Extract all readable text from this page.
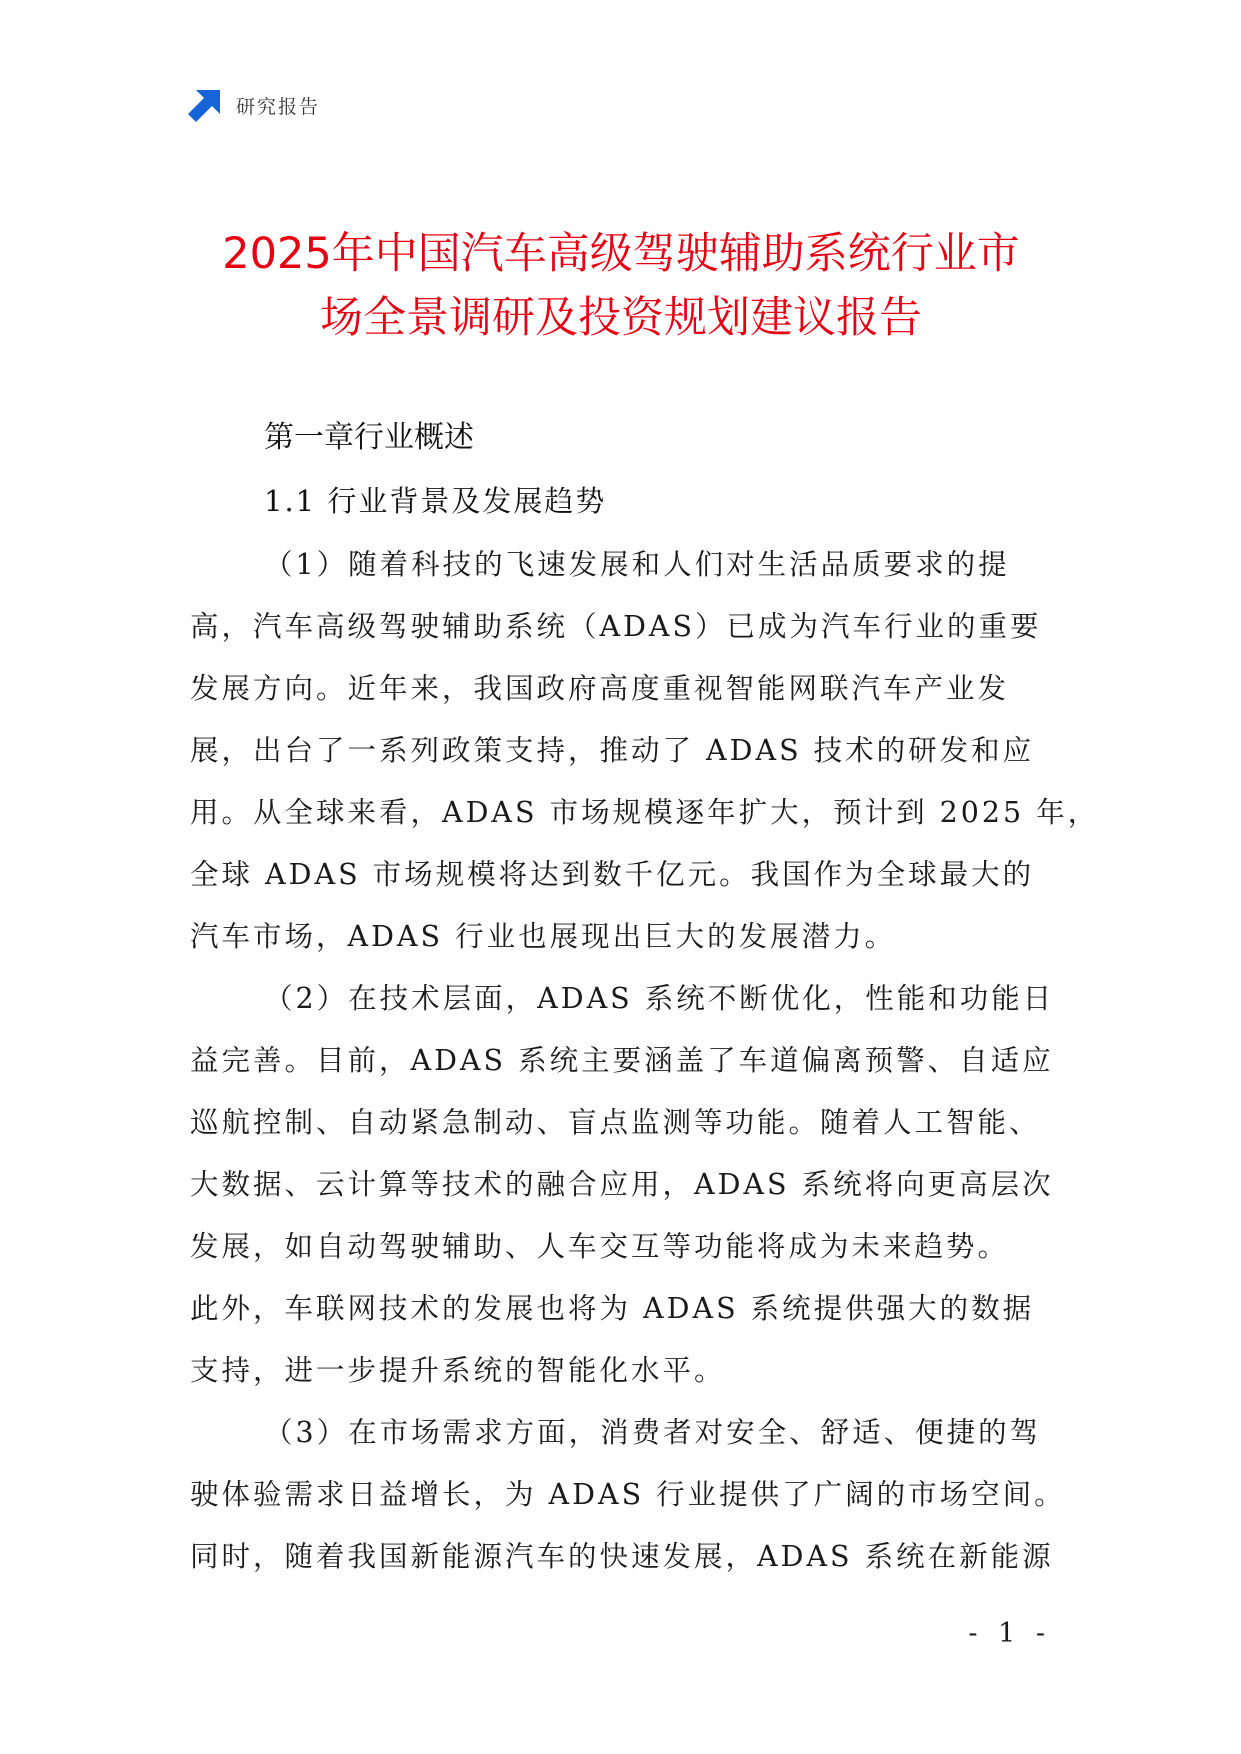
研究报告
2025年中国汽车高级驾驶辅助系统行业市
场全景调研及投资规划建议报告
第一章行业概述
1.1 行业背景及发展趋势

（1）随着科技的飞速发展和人们对生活品质要求的提
高，汽车高级驾驶辅助系统（ADAS）已成为汽车行业的重要
发展方向。近年来，我国政府高度重视智能网联汽车产业发
展，出台了一系列政策支持，推动了 ADAS 技术的研发和应
用。从全球来看，ADAS 市场规模逐年扩大，预计到 2025 年，
全球 ADAS 市场规模将达到数千亿元。我国作为全球最大的
汽车市场，ADAS 行业也展现出巨大的发展潜力。

（2）在技术层面，ADAS 系统不断优化，性能和功能日
益完善。目前，ADAS 系统主要涵盖了车道偏离预警、自适应
巡航控制、自动紧急制动、盲点监测等功能。随着人工智能、
大数据、云计算等技术的融合应用，ADAS 系统将向更高层次
发展，如自动驾驶辅助、人车交互等功能将成为未来趋势。
此外，车联网技术的发展也将为 ADAS 系统提供强大的数据
支持，进一步提升系统的智能化水平。

（3）在市场需求方面，消费者对安全、舒适、便捷的驾
驶体验需求日益增长，为 ADAS 行业提供了广阔的市场空间。
同时，随着我国新能源汽车的快速发展，ADAS 系统在新能源

- 1 -
